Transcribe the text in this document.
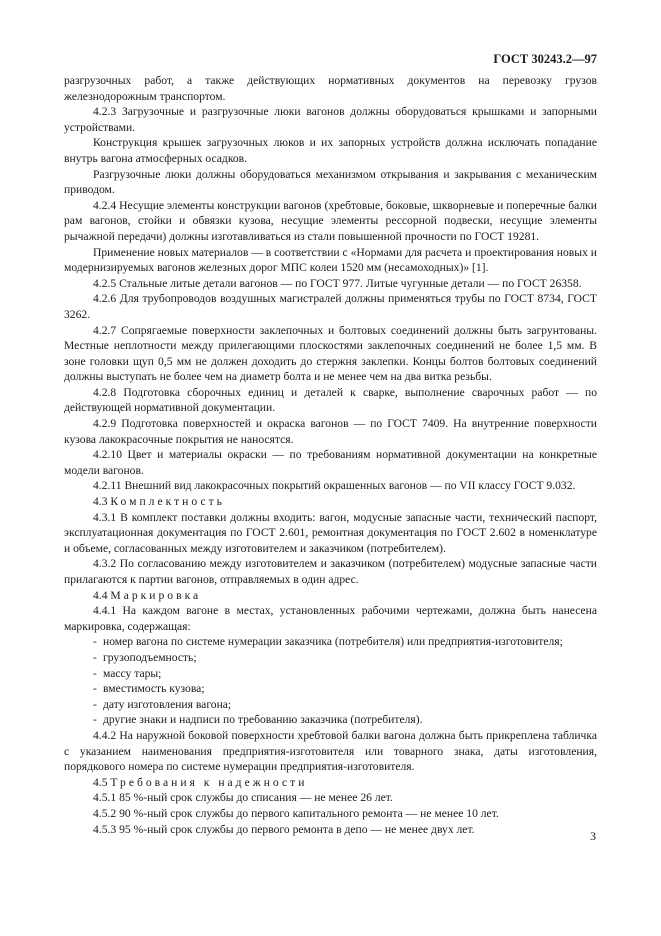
ГОСТ 30243.2—97

разгрузочных работ, а также действующих нормативных документов на перевозку грузов железнодорожным транспортом.

4.2.3 Загрузочные и разгрузочные люки вагонов должны оборудоваться крышками и запорными устройствами.

Конструкция крышек загрузочных люков и их запорных устройств должна исключать попадание внутрь вагона атмосферных осадков.

Разгрузочные люки должны оборудоваться механизмом открывания и закрывания с механическим приводом.

4.2.4 Несущие элементы конструкции вагонов (хребтовые, боковые, шкворневые и поперечные балки рам вагонов, стойки и обвязки кузова, несущие элементы рессорной подвески, несущие элементы рычажной передачи) должны изготавливаться из стали повышенной прочности по ГОСТ 19281.

Применение новых материалов — в соответствии с «Нормами для расчета и проектирования новых и модернизируемых вагонов железных дорог МПС колеи 1520 мм (несамоходных)» [1].

4.2.5 Стальные литые детали вагонов — по ГОСТ 977. Литые чугунные детали — по ГОСТ 26358.

4.2.6 Для трубопроводов воздушных магистралей должны применяться трубы по ГОСТ 8734, ГОСТ 3262.

4.2.7 Сопрягаемые поверхности заклепочных и болтовых соединений должны быть загрунтованы. Местные неплотности между прилегающими плоскостями заклепочных соединений не более 1,5 мм. В зоне головки щуп 0,5 мм не должен доходить до стержня заклепки. Концы болтов болтовых соединений должны выступать не более чем на диаметр болта и не менее чем на два витка резьбы.

4.2.8 Подготовка сборочных единиц и деталей к сварке, выполнение сварочных работ — по действующей нормативной документации.

4.2.9 Подготовка поверхностей и окраска вагонов — по ГОСТ 7409. На внутренние поверхности кузова лакокрасочные покрытия не наносятся.

4.2.10 Цвет и материалы окраски — по требованиям нормативной документации на конкретные модели вагонов.

4.2.11 Внешний вид лакокрасочных покрытий окрашенных вагонов — по VII классу ГОСТ 9.032.

4.3 Комплектность

4.3.1 В комплект поставки должны входить: вагон, модусные запасные части, технический паспорт, эксплуатационная документация по ГОСТ 2.601, ремонтная документация по ГОСТ 2.602 в номенклатуре и объеме, согласованных между изготовителем и заказчиком (потребителем).

4.3.2 По согласованию между изготовителем и заказчиком (потребителем) модусные запасные части прилагаются к партии вагонов, отправляемых в один адрес.

4.4 Маркировка

4.4.1 На каждом вагоне в местах, установленных рабочими чертежами, должна быть нанесена маркировка, содержащая:

- номер вагона по системе нумерации заказчика (потребителя) или предприятия-изготовителя;
- грузоподъемность;
- массу тары;
- вместимость кузова;
- дату изготовления вагона;
- другие знаки и надписи по требованию заказчика (потребителя).

4.4.2 На наружной боковой поверхности хребтовой балки вагона должна быть прикреплена табличка с указанием наименования предприятия-изготовителя или товарного знака, даты изготовления, порядкового номера по системе нумерации предприятия-изготовителя.

4.5 Требования к надежности

4.5.1 85 %-ный срок службы до списания — не менее 26 лет.

4.5.2 90 %-ный срок службы до первого капитального ремонта — не менее 10 лет.

4.5.3 95 %-ный срок службы до первого ремонта в депо — не менее двух лет.	3
